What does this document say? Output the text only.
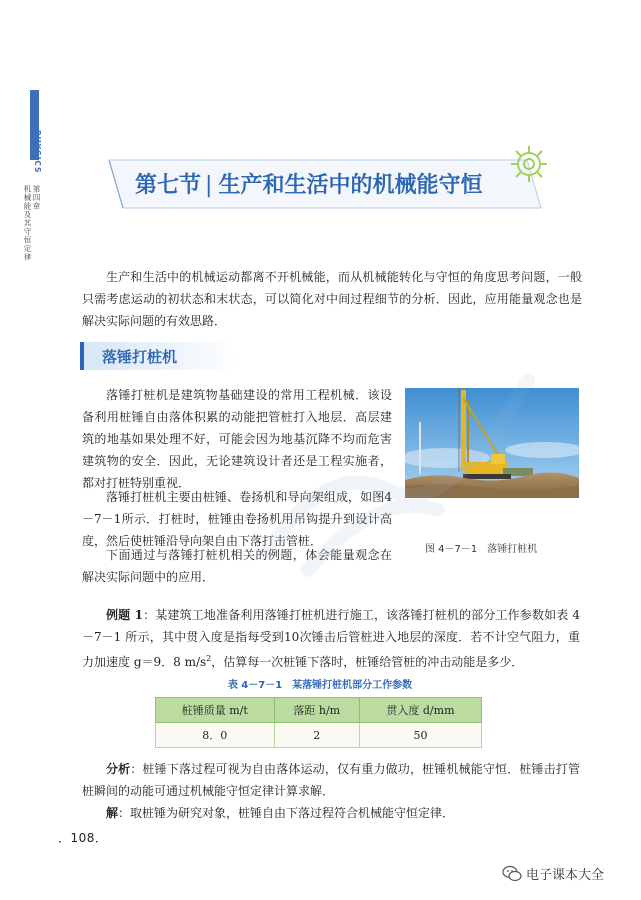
PHYSICS
第四章
机械能及其守恒定律	第七节 | 生产和生活中的机械能守恒
生产和生活中的机械运动都离不开机械能，而从机械能转化与守恒的角度思考问题，一般只需考虑运动的初状态和末状态，可以简化对中间过程细节的分析．因此，应用能量观念也是解决实际问题的有效思路．
落锤打桩机
落锤打桩机是建筑物基础建设的常用工程机械．该设备利用桩锤自由落体积累的动能把管桩打入地层．高层建筑的地基如果处理不好，可能会因为地基沉降不均而危害建筑物的安全．因此，无论建筑设计者还是工程实施者，都对打桩特别重视．
落锤打桩机主要由桩锤、卷扬机和导向架组成，如图4－7－1所示．打桩时，桩锤由卷扬机用吊钩提升到设计高度，然后使桩锤沿导向架自由下落打击管桩．
下面通过与落锤打桩机相关的例题，体会能量观念在解决实际问题中的应用．
图 4－7－1　落锤打桩机
例题 1：某建筑工地准备利用落锤打桩机进行施工，该落锤打桩机的部分工作参数如表 4－7－1 所示，其中贯入度是指每受到10次锤击后管桩进入地层的深度．若不计空气阻力，重力加速度 g＝9．8 $m/s^2$，估算每一次桩锤下落时，桩锤给管桩的冲击动能是多少．
表 4－7－1　某落锤打桩机部分工作参数
桩锤质量 m/t	落距 h/m	贯入度 d/mm
8．0	2	50
分析：桩锤下落过程可视为自由落体运动，仅有重力做功，桩锤机械能守恒．桩锤击打管桩瞬间的动能可通过机械能守恒定律计算求解．
解：取桩锤为研究对象，桩锤自由下落过程符合机械能守恒定律．
．108．
电子课本大全
